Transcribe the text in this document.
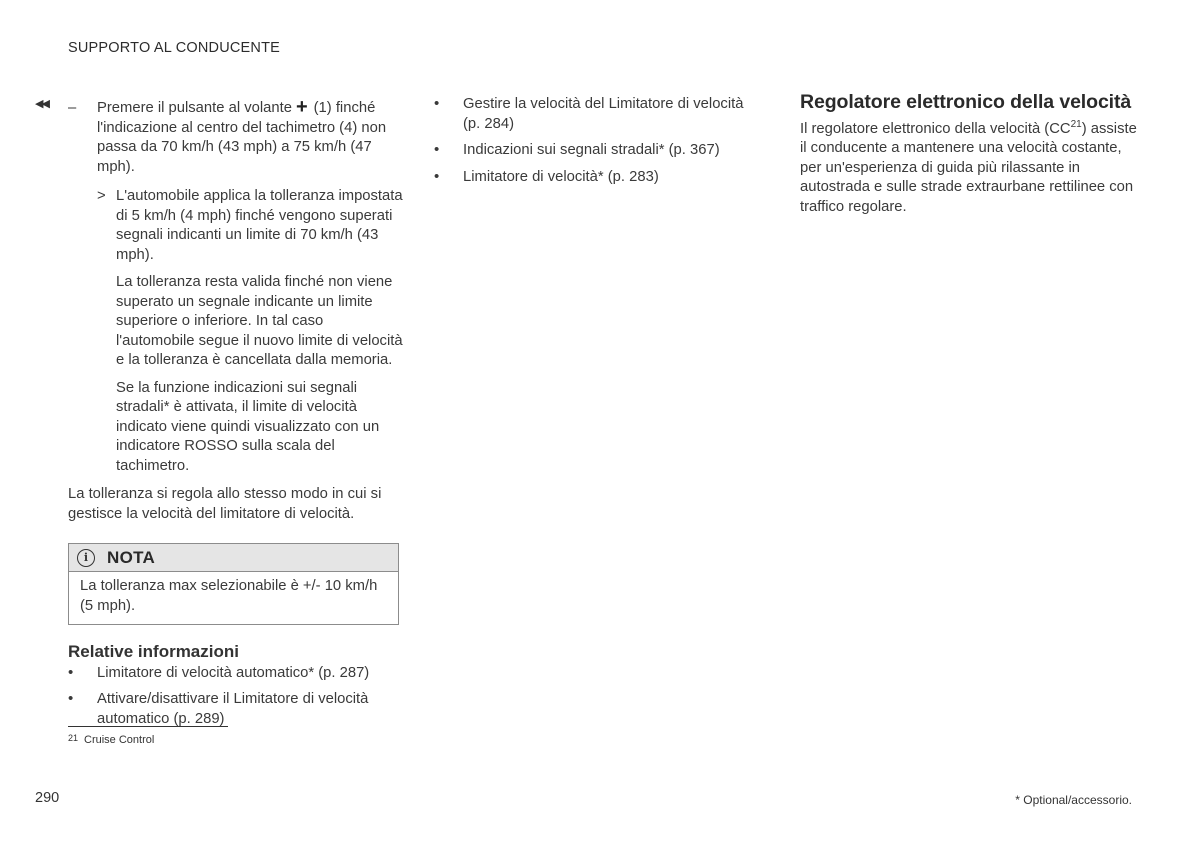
SUPPORTO AL CONDUCENTE
◀◀ – Premere il pulsante al volante + (1) finché l'indicazione al centro del tachimetro (4) non passa da 70 km/h (43 mph) a 75 km/h (47 mph).
> L'automobile applica la tolleranza impostata di 5 km/h (4 mph) finché vengono superati segnali indicanti un limite di 70 km/h (43 mph).
La tolleranza resta valida finché non viene superato un segnale indicante un limite superiore o inferiore. In tal caso l'automobile segue il nuovo limite di velocità e la tolleranza è cancellata dalla memoria.
Se la funzione indicazioni sui segnali stradali* è attivata, il limite di velocità indicato viene quindi visualizzato con un indicatore ROSSO sulla scala del tachimetro.
La tolleranza si regola allo stesso modo in cui si gestisce la velocità del limitatore di velocità.
i	NOTA
La tolleranza max selezionabile è +/- 10 km/h (5 mph).
Relative informazioni
• Limitatore di velocità automatico* (p. 287)
• Attivare/disattivare il Limitatore di velocità automatico (p. 289)
• Gestire la velocità del Limitatore di velocità (p. 284)
• Indicazioni sui segnali stradali* (p. 367)
• Limitatore di velocità* (p. 283)
Regolatore elettronico della velocità
Il regolatore elettronico della velocità (CC$^{21}$) assiste il conducente a mantenere una velocità costante, per un'esperienza di guida più rilassante in autostrada e sulle strade extraurbane rettilinee con traffico regolare.
21 Cruise Control
290	* Optional/accessorio.
